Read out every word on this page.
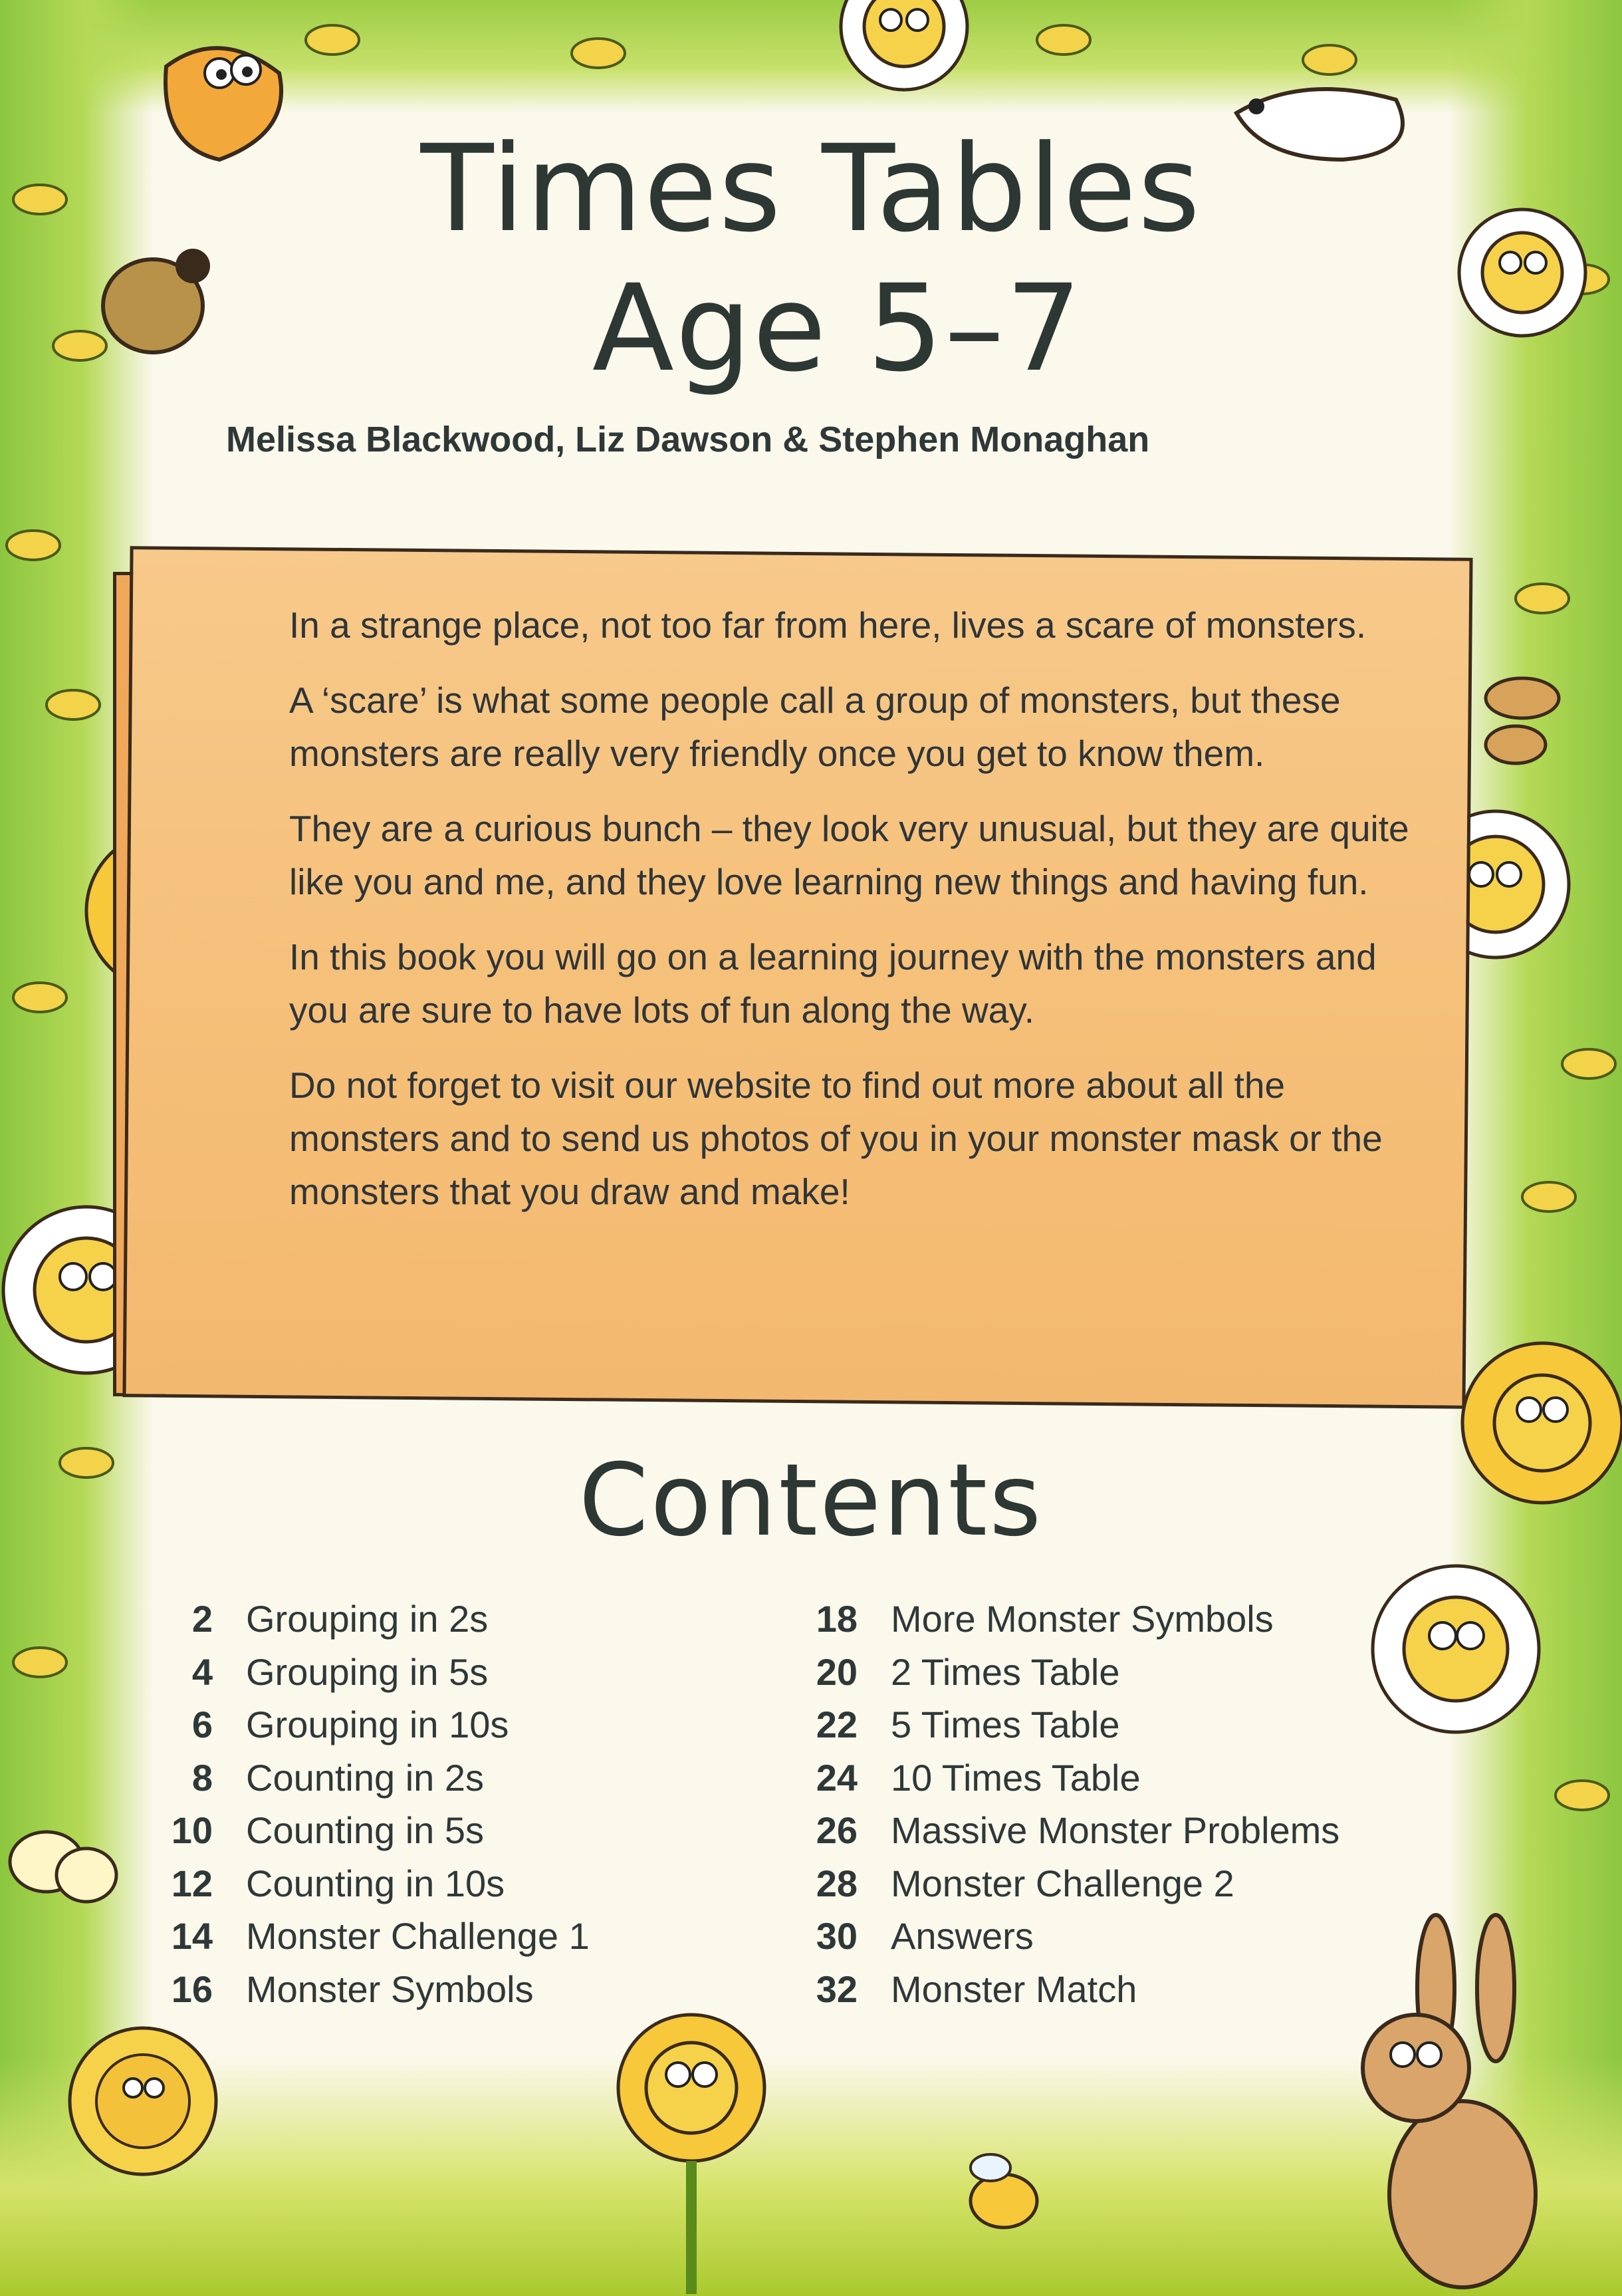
Times Tables
Age 5–7
Melissa Blackwood, Liz Dawson & Stephen Monaghan

In a strange place, not too far from here, lives a scare of monsters.

A ‘scare’ is what some people call a group of monsters, but these monsters are really very friendly once you get to know them.

They are a curious bunch – they look very unusual, but they are quite like you and me, and they love learning new things and having fun.

In this book you will go on a learning journey with the monsters and you are sure to have lots of fun along the way.

Do not forget to visit our website to find out more about all the monsters and to send us photos of you in your monster mask or the monsters that you draw and make!

Contents
2 Grouping in 2s
4 Grouping in 5s
6 Grouping in 10s
8 Counting in 2s
10 Counting in 5s
12 Counting in 10s
14 Monster Challenge 1
16 Monster Symbols
18 More Monster Symbols
20 2 Times Table
22 5 Times Table
24 10 Times Table
26 Massive Monster Problems
28 Monster Challenge 2
30 Answers
32 Monster Match
